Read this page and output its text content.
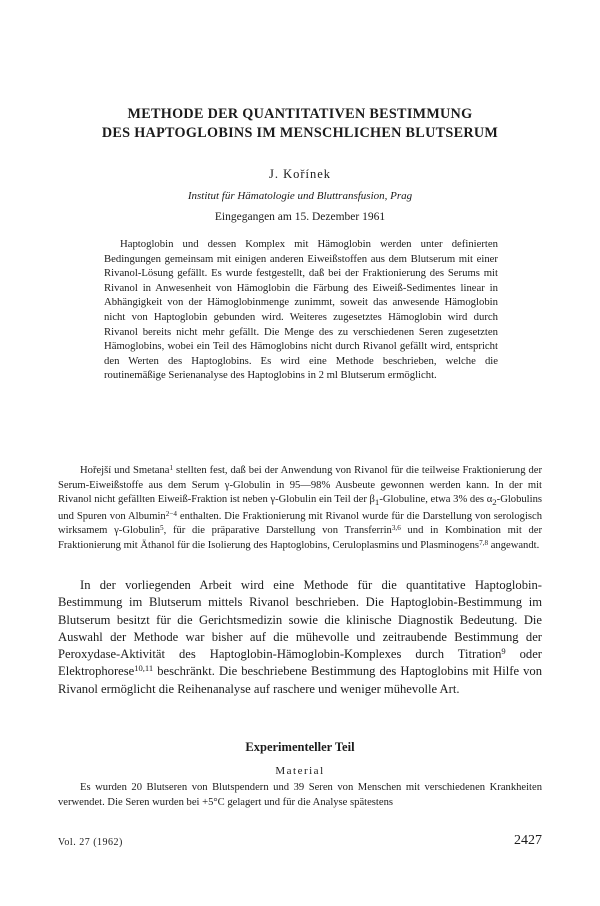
METHODE DER QUANTITATIVEN BESTIMMUNG
DES HAPTOGLOBINS IM MENSCHLICHEN BLUTSERUM
J. Kořínek
Institut für Hämatologie und Bluttransfusion, Prag
Eingegangen am 15. Dezember 1961

Haptoglobin und dessen Komplex mit Hämoglobin werden unter definierten Bedingungen gemeinsam mit einigen anderen Eiweißstoffen aus dem Blutserum mit einer Rivanol-Lösung gefällt. Es wurde festgestellt, daß bei der Fraktionierung des Serums mit Rivanol in Anwesenheit von Hämoglobin die Färbung des Eiweiß-Sedimentes linear in Abhängigkeit von der Hämoglobinmenge zunimmt, soweit das anwesende Hämoglobin nicht von Haptoglobin gebunden wird. Weiteres zugesetztes Hämoglobin wird durch Rivanol bereits nicht mehr gefällt. Die Menge des zu verschiedenen Seren zugesetzten Hämoglobins, wobei ein Teil des Hämoglobins nicht durch Rivanol gefällt wird, entspricht den Werten des Haptoglobins. Es wird eine Methode beschrieben, welche die routinemäßige Serienanalyse des Haptoglobins in 2 ml Blutserum ermöglicht.

Hořejší und Smetana$^1$ stellten fest, daß bei der Anwendung von Rivanol für die teilweise Fraktionierung der Serum-Eiweißstoffe aus dem Serum γ-Globulin in 95—98% Ausbeute gewonnen werden kann. In der mit Rivanol nicht gefällten Eiweiß-Fraktion ist neben γ-Globulin ein Teil der $\beta_1$-Globuline, etwa 3% des $\alpha_2$-Globulins und Spuren von Albumin$^{2-4}$ enthalten. Die Fraktionierung mit Rivanol wurde für die Darstellung von serologisch wirksamem γ-Globulin$^5$, für die präparative Darstellung von Transferrin$^{3,6}$ und in Kombination mit der Fraktionierung mit Äthanol für die Isolierung des Haptoglobins, Ceruloplasmins und Plasminogens$^{7,8}$ angewandt.

In der vorliegenden Arbeit wird eine Methode für die quantitative Haptoglobin-Bestimmung im Blutserum mittels Rivanol beschrieben. Die Haptoglobin-Bestimmung im Blutserum besitzt für die Gerichtsmedizin sowie die klinische Diagnostik Bedeutung. Die Auswahl der Methode war bisher auf die mühevolle und zeitraubende Bestimmung der Peroxydase-Aktivität des Haptoglobin-Hämoglobin-Komplexes durch Titration$^9$ oder Elektrophorese$^{10,11}$ beschränkt. Die beschriebene Bestimmung des Haptoglobins mit Hilfe von Rivanol ermöglicht die Reihenanalyse auf raschere und weniger mühevolle Art.

Experimenteller Teil
Material

Es wurden 20 Blutseren von Blutspendern und 39 Seren von Menschen mit verschiedenen Krankheiten verwendet. Die Seren wurden bei +5°C gelagert und für die Analyse spätestens

Vol. 27 (1962)	2427
